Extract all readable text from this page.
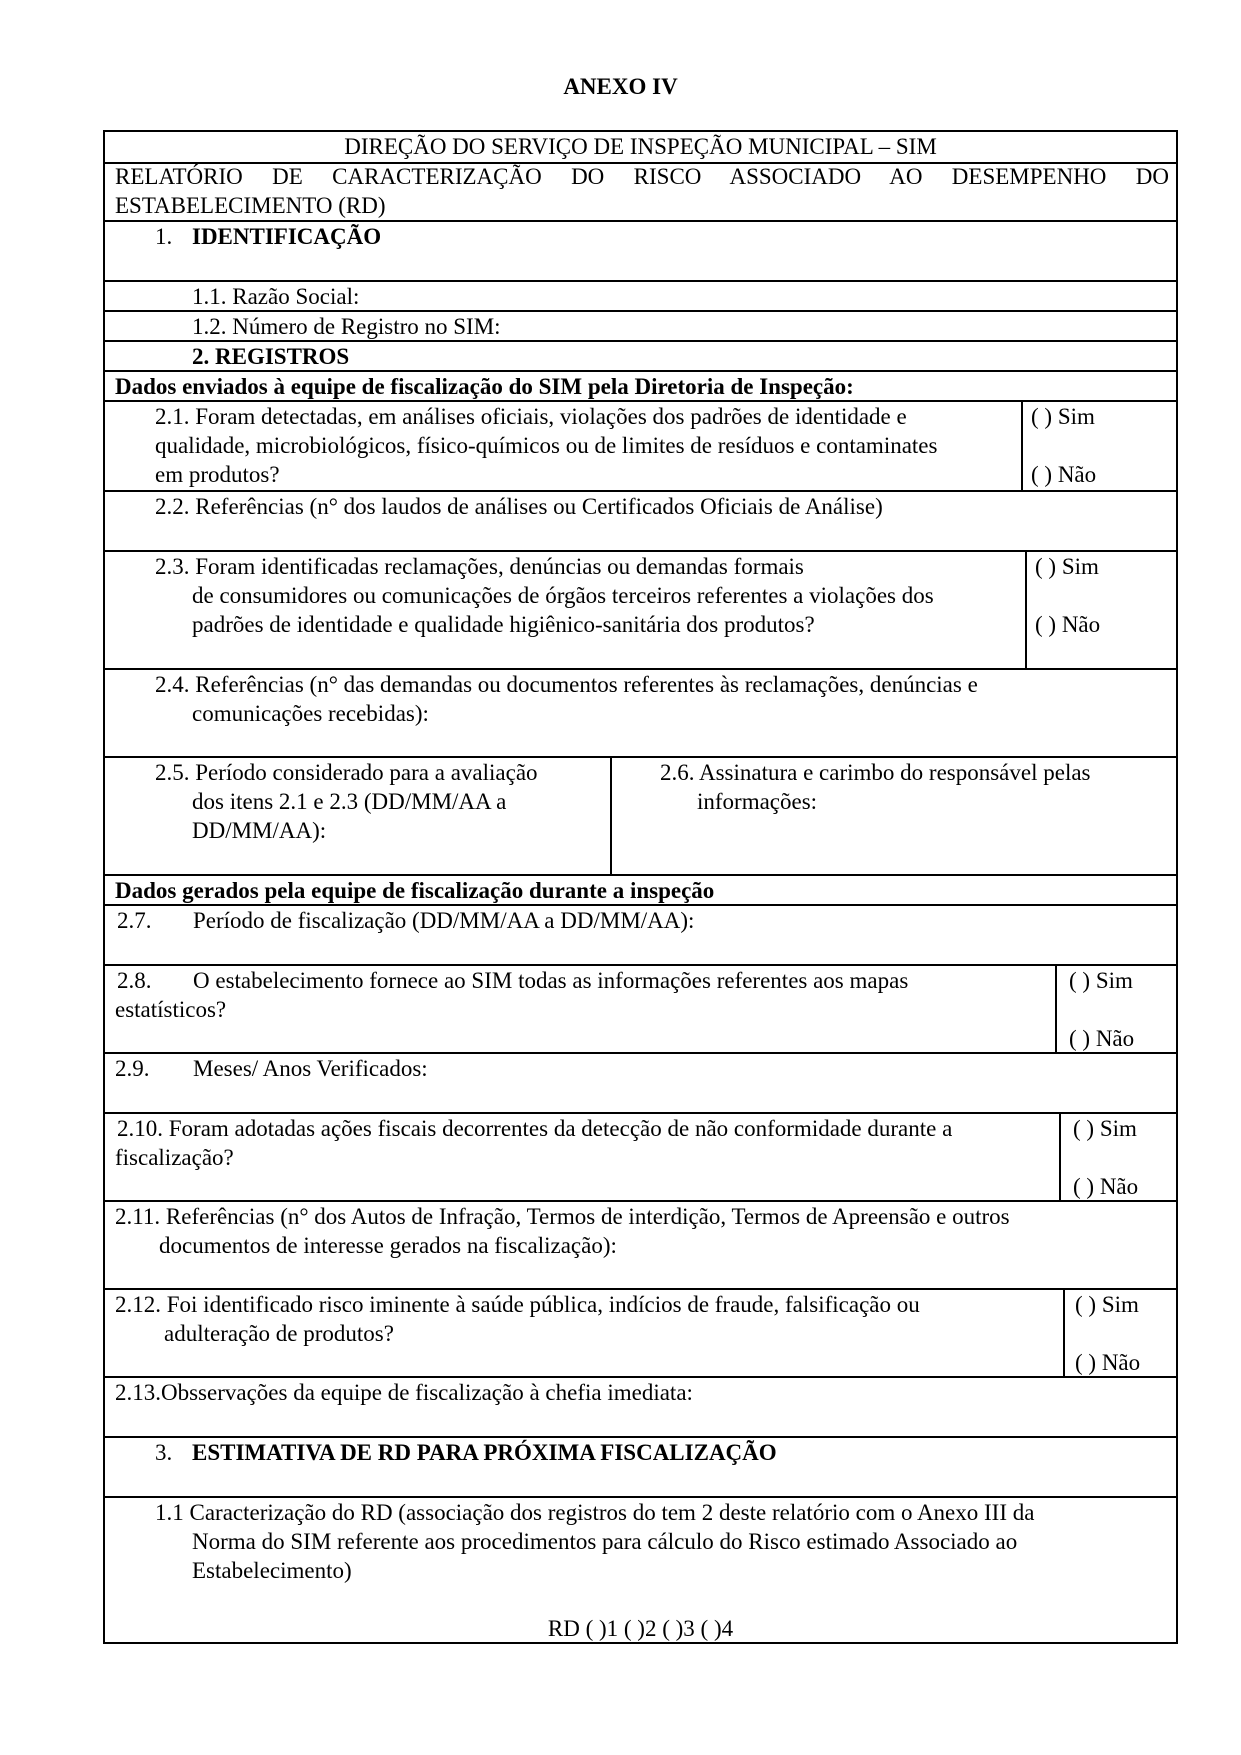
ANEXO IV
DIREÇÃO DO SERVIÇO DE INSPEÇÃO MUNICIPAL – SIM
RELATÓRIO DE CARACTERIZAÇÃO DO RISCO ASSOCIADO AO DESEMPENHO DO
ESTABELECIMENTO (RD)
1. IDENTIFICAÇÃO
1.1. Razão Social:
1.2. Número de Registro no SIM:
2. REGISTROS
Dados enviados à equipe de fiscalização do SIM pela Diretoria de Inspeção:
2.1. Foram detectadas, em análises oficiais, violações dos padrões de identidade e
qualidade, microbiológicos, físico-químicos ou de limites de resíduos e contaminates
em produtos?
( ) Sim
( ) Não
2.2. Referências (n° dos laudos de análises ou Certificados Oficiais de Análise)
2.3. Foram identificadas reclamações, denúncias ou demandas formais
de consumidores ou comunicações de órgãos terceiros referentes a violações dos
padrões de identidade e qualidade higiênico-sanitária dos produtos?
( ) Sim
( ) Não
2.4. Referências (n° das demandas ou documentos referentes às reclamações, denúncias e
comunicações recebidas):
2.5. Período considerado para a avaliação
dos itens 2.1 e 2.3 (DD/MM/AA a
DD/MM/AA):
2.6. Assinatura e carimbo do responsável pelas
informações:
Dados gerados pela equipe de fiscalização durante a inspeção
2.7. Período de fiscalização (DD/MM/AA a DD/MM/AA):
2.8. O estabelecimento fornece ao SIM todas as informações referentes aos mapas
estatísticos?
( ) Sim
( ) Não
2.9. Meses/ Anos Verificados:
2.10. Foram adotadas ações fiscais decorrentes da detecção de não conformidade durante a
fiscalização?
( ) Sim
( ) Não
2.11. Referências (n° dos Autos de Infração, Termos de interdição, Termos de Apreensão e outros
documentos de interesse gerados na fiscalização):
2.12. Foi identificado risco iminente à saúde pública, indícios de fraude, falsificação ou
adulteração de produtos?
( ) Sim
( ) Não
2.13.Obsservações da equipe de fiscalização à chefia imediata:
3. ESTIMATIVA DE RD PARA PRÓXIMA FISCALIZAÇÃO
1.1 Caracterização do RD (associação dos registros do tem 2 deste relatório com o Anexo III da
Norma do SIM referente aos procedimentos para cálculo do Risco estimado Associado ao
Estabelecimento)
RD ( )1 ( )2 ( )3 ( )4
